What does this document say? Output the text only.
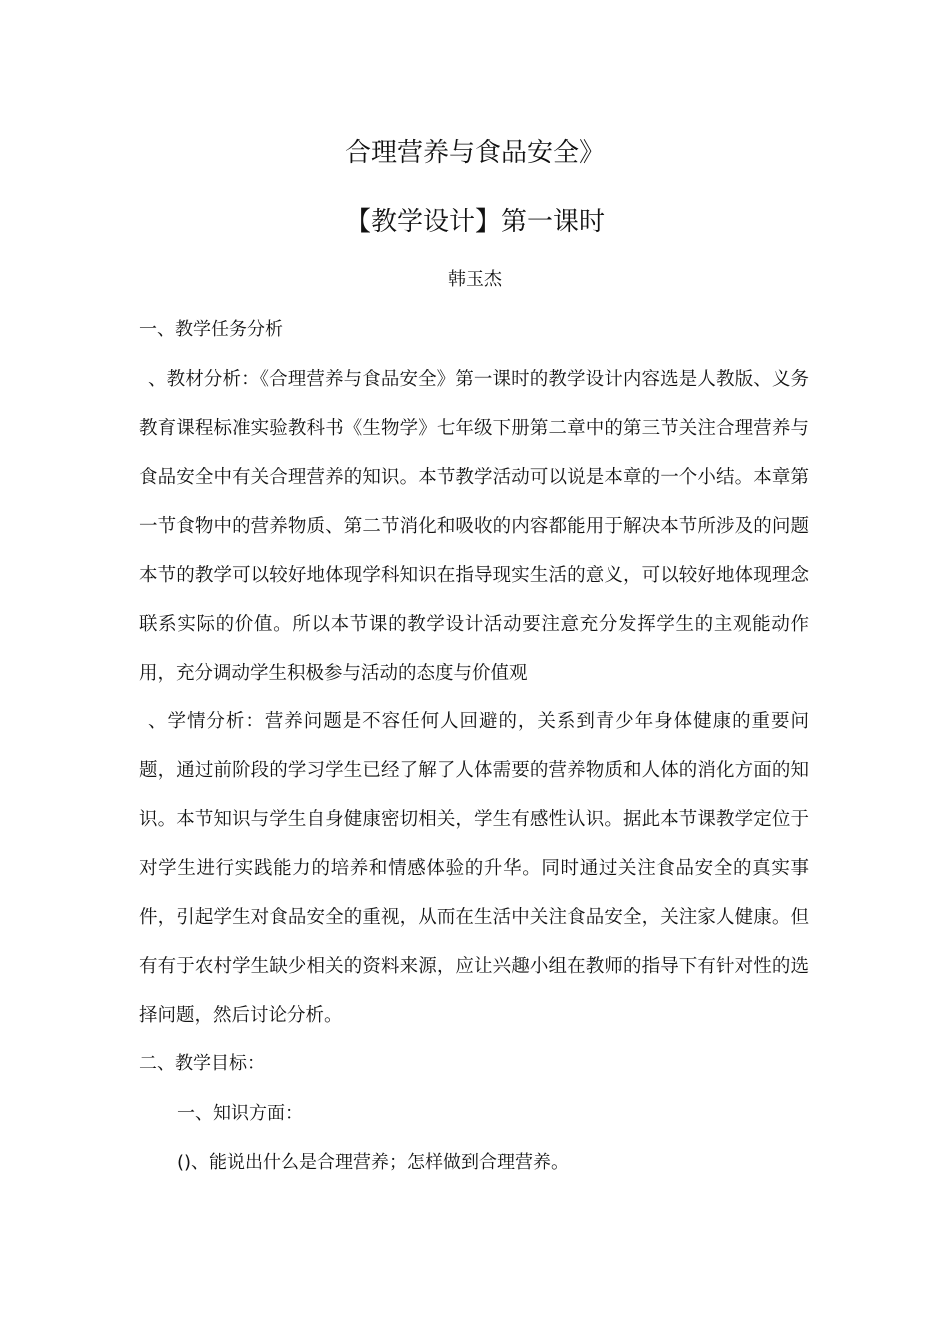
合理营养与食品安全》
【教学设计】第一课时
韩玉杰
一、教学任务分析
、教材分析：《合理营养与食品安全》第一课时的教学设计内容选是人教版、义务教育课程标准实验教科书《生物学》七年级下册第二章中的第三节关注合理营养与食品安全中有关合理营养的知识。本节教学活动可以说是本章的一个小结。本章第一节食物中的营养物质、第二节消化和吸收的内容都能用于解决本节所涉及的问题本节的教学可以较好地体现学科知识在指导现实生活的意义，可以较好地体现理念联系实际的价值。所以本节课的教学设计活动要注意充分发挥学生的主观能动作用，充分调动学生积极参与活动的态度与价值观
、学情分析：营养问题是不容任何人回避的，关系到青少年身体健康的重要问题，通过前阶段的学习学生已经了解了人体需要的营养物质和人体的消化方面的知识。本节知识与学生自身健康密切相关，学生有感性认识。据此本节课教学定位于对学生进行实践能力的培养和情感体验的升华。同时通过关注食品安全的真实事件，引起学生对食品安全的重视，从而在生活中关注食品安全，关注家人健康。但有有于农村学生缺少相关的资料来源，应让兴趣小组在教师的指导下有针对性的选择问题，然后讨论分析。
二、教学目标：
一、知识方面：
()、能说出什么是合理营养；怎样做到合理营养。
